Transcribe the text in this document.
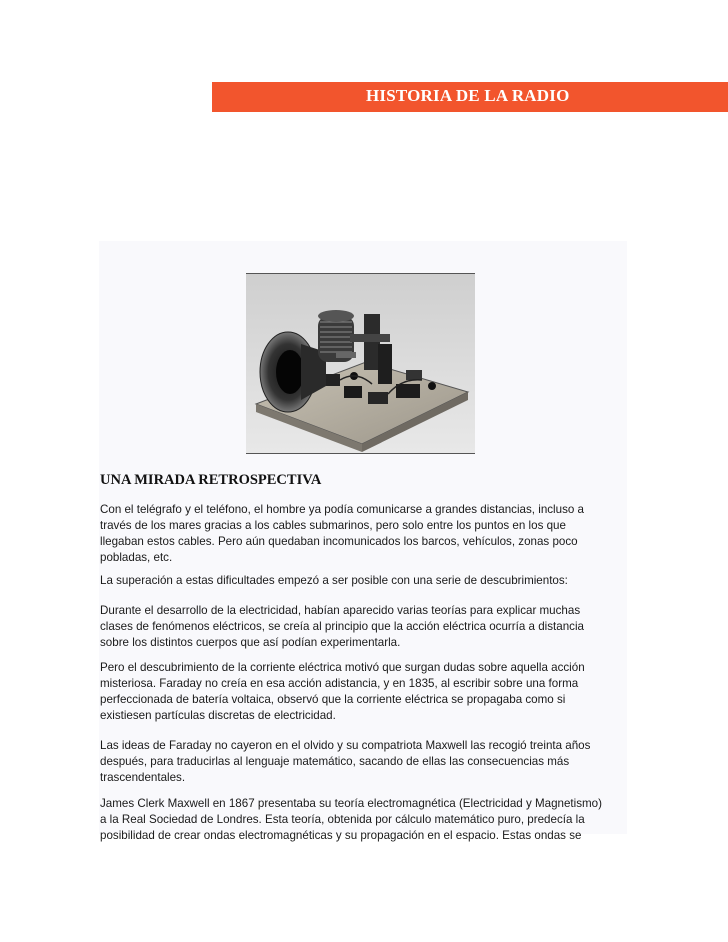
HISTORIA DE LA RADIO
UNA MIRADA RETROSPECTIVA
Con el telégrafo y el teléfono, el hombre ya podía comunicarse a grandes distancias, incluso a
través de los mares gracias a los cables submarinos, pero solo entre los puntos en los que
llegaban estos cables. Pero aún quedaban incomunicados los barcos, vehículos, zonas poco
pobladas, etc.
La superación a estas dificultades empezó a ser posible con una serie de descubrimientos:
Durante el desarrollo de la electricidad, habían aparecido varias teorías para explicar muchas
clases de fenómenos eléctricos, se creía al principio que la acción eléctrica ocurría a distancia
sobre los distintos cuerpos que así podían experimentarla.
Pero el descubrimiento de la corriente eléctrica motivó que surgan dudas sobre aquella acción
misteriosa. Faraday no creía en esa acción adistancia, y en 1835, al escribir sobre una forma
perfeccionada de batería voltaica, observó que la corriente eléctrica se propagaba como si
existiesen partículas discretas de electricidad.
Las ideas de Faraday no cayeron en el olvido y su compatriota Maxwell las recogió treinta años
después, para traducirlas al lenguaje matemático, sacando de ellas las consecuencias más
trascendentales.
James Clerk Maxwell en 1867 presentaba su teoría electromagnética (Electricidad y Magnetismo)
a la Real Sociedad de Londres. Esta teoría, obtenida por cálculo matemático puro, predecía la
posibilidad de crear ondas electromagnéticas y su propagación en el espacio. Estas ondas se
